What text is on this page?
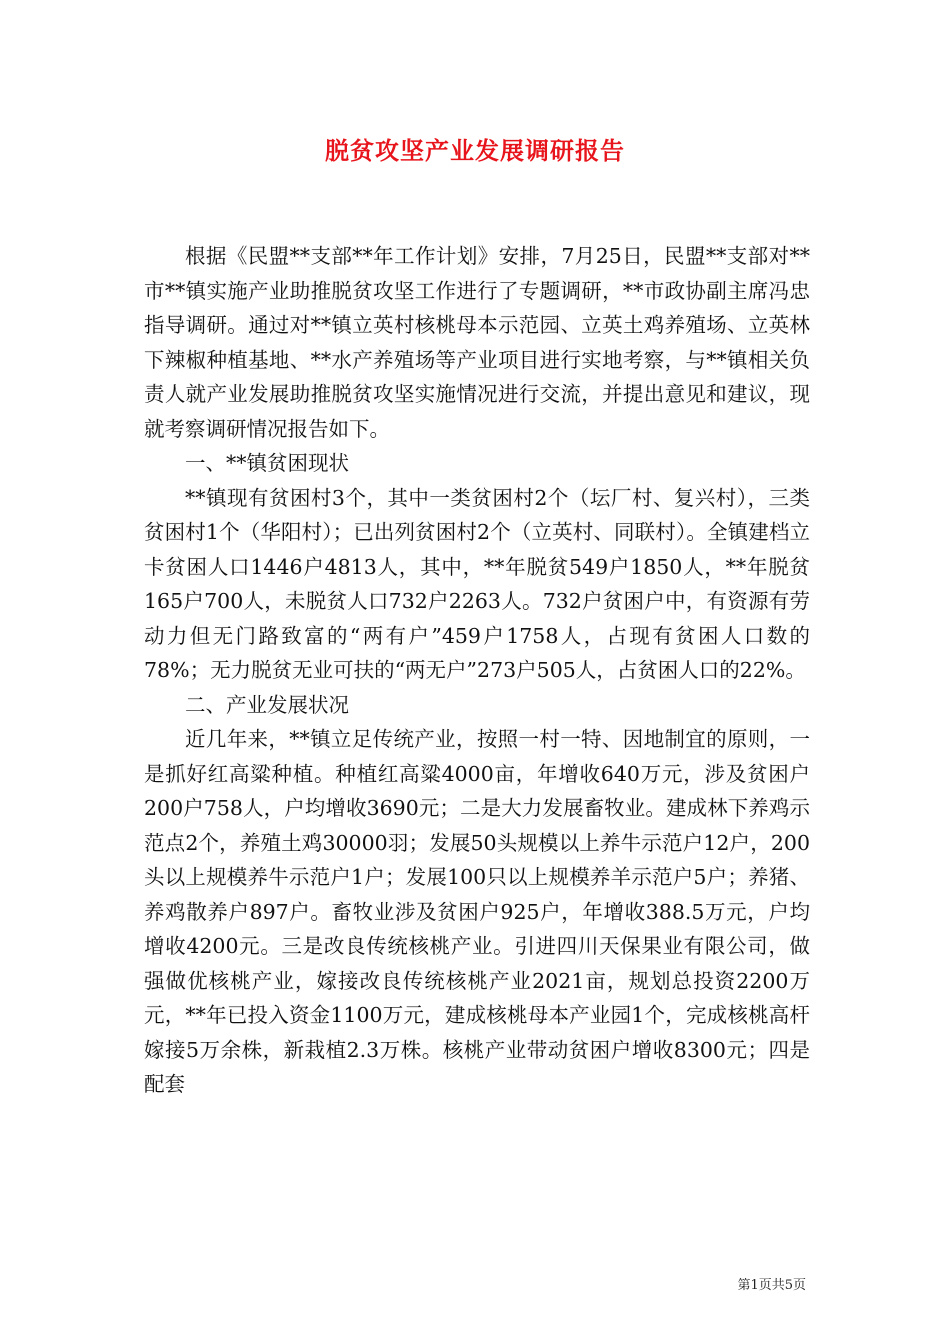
脱贫攻坚产业发展调研报告

根据《民盟**支部**年工作计划》安排，7月25日，民盟**支部对**市**镇实施产业助推脱贫攻坚工作进行了专题调研，**市政协副主席冯忠指导调研。通过对**镇立英村核桃母本示范园、立英土鸡养殖场、立英林下辣椒种植基地、**水产养殖场等产业项目进行实地考察，与**镇相关负责人就产业发展助推脱贫攻坚实施情况进行交流，并提出意见和建议，现就考察调研情况报告如下。

一、**镇贫困现状

**镇现有贫困村3个，其中一类贫困村2个（坛厂村、复兴村），三类贫困村1个（华阳村）；已出列贫困村2个（立英村、同联村）。全镇建档立卡贫困人口1446户4813人，其中，**年脱贫549户1850人，**年脱贫165户700人，未脱贫人口732户2263人。732户贫困户中，有资源有劳动力但无门路致富的“两有户”459户1758人，占现有贫困人口数的78%；无力脱贫无业可扶的“两无户”273户505人，占贫困人口的22%。

二、产业发展状况

近几年来，**镇立足传统产业，按照一村一特、因地制宜的原则，一是抓好红高粱种植。种植红高粱4000亩，年增收640万元，涉及贫困户200户758人，户均增收3690元；二是大力发展畜牧业。建成林下养鸡示范点2个，养殖土鸡30000羽；发展50头规模以上养牛示范户12户，200头以上规模养牛示范户1户；发展100只以上规模养羊示范户5户；养猪、养鸡散养户897户。畜牧业涉及贫困户925户，年增收388.5万元，户均增收4200元。三是改良传统核桃产业。引进四川天保果业有限公司，做强做优核桃产业，嫁接改良传统核桃产业2021亩，规划总投资2200万元，**年已投入资金1100万元，建成核桃母本产业园1个，完成核桃高杆嫁接5万余株，新栽植2.3万株。核桃产业带动贫困户增收8300元；四是配套

第1页共5页
